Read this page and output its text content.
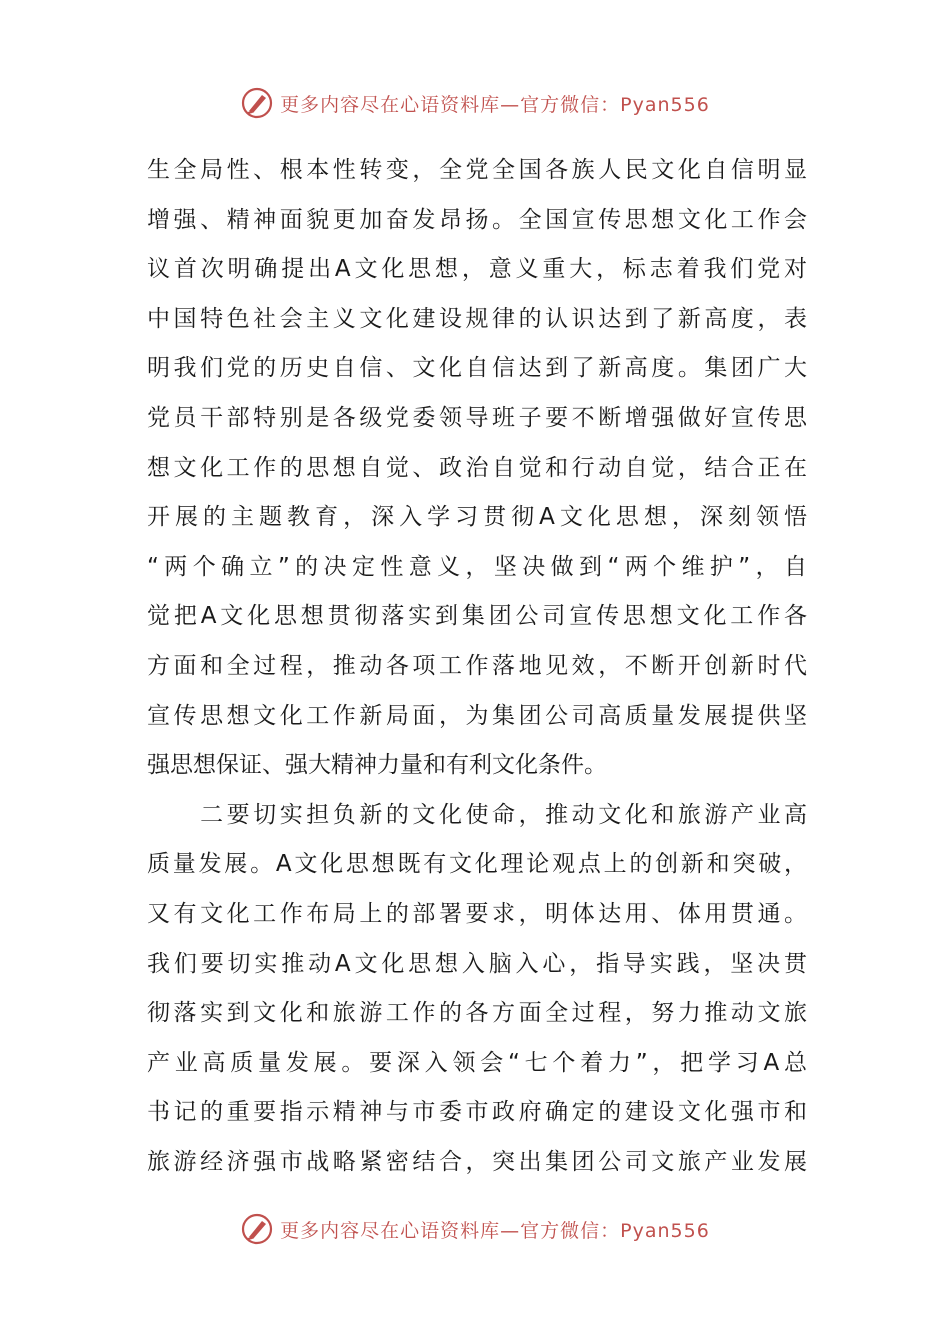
更多内容尽在心语资料库—官方微信：Pyan556
生全局性、根本性转变，全党全国各族人民文化自信明显
增强、精神面貌更加奋发昂扬。全国宣传思想文化工作会
议首次明确提出A文化思想，意义重大，标志着我们党对
中国特色社会主义文化建设规律的认识达到了新高度，表
明我们党的历史自信、文化自信达到了新高度。集团广大
党员干部特别是各级党委领导班子要不断增强做好宣传思
想文化工作的思想自觉、政治自觉和行动自觉，结合正在
开展的主题教育，深入学习贯彻A文化思想，深刻领悟
“两个确立”的决定性意义，坚决做到“两个维护”，自
觉把A文化思想贯彻落实到集团公司宣传思想文化工作各
方面和全过程，推动各项工作落地见效，不断开创新时代
宣传思想文化工作新局面，为集团公司高质量发展提供坚
强思想保证、强大精神力量和有利文化条件。
　　二要切实担负新的文化使命，推动文化和旅游产业高
质量发展。A文化思想既有文化理论观点上的创新和突破，
又有文化工作布局上的部署要求，明体达用、体用贯通。
我们要切实推动A文化思想入脑入心，指导实践，坚决贯
彻落实到文化和旅游工作的各方面全过程，努力推动文旅
产业高质量发展。要深入领会“七个着力”，把学习A总
书记的重要指示精神与市委市政府确定的建设文化强市和
旅游经济强市战略紧密结合，突出集团公司文旅产业发展
更多内容尽在心语资料库—官方微信：Pyan556
